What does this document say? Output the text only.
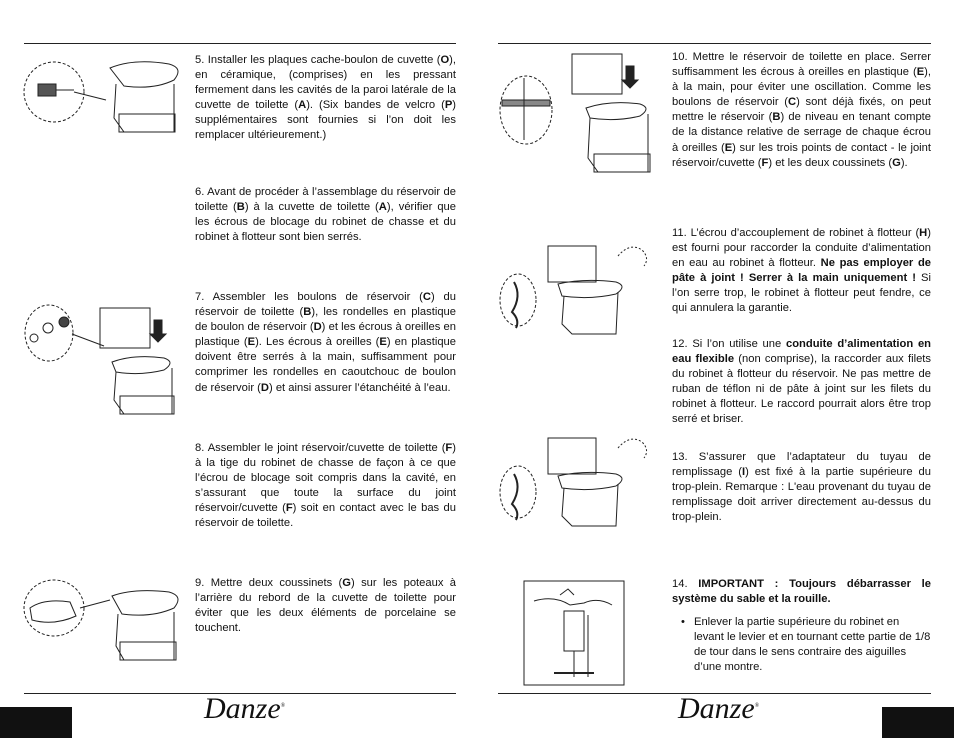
Danze®	Danze®
5. Installer les plaques cache-boulon de cuvette (O), en céramique, (comprises) en les pressant fermement dans les cavités de la paroi latérale de la cuvette de toilette (A). (Six bandes de velcro (P) supplémentaires sont fournies si l’on doit les remplacer ultérieurement.)
6. Avant de procéder à l’assemblage du réservoir de toilette (B) à la cuvette de toilette (A), vérifier que les écrous de blocage du robinet de chasse et du robinet à flotteur sont bien serrés.
7. Assembler les boulons de réservoir (C) du réservoir de toilette (B), les rondelles en plastique de boulon de réservoir (D) et les écrous à oreilles en plastique (E). Les écrous à oreilles (E) en plastique doivent être serrés à la main, suffisamment pour comprimer les rondelles en caoutchouc de boulon de réservoir (D) et ainsi assurer l’étanchéité à l’eau.
8. Assembler le joint réservoir/cuvette de toilette (F) à la tige du robinet de chasse de façon à ce que l’écrou de blocage soit compris dans la cavité, en s’assurant que toute la surface du joint réservoir/cuvette (F) soit en contact avec le bas du réservoir de toilette.
9. Mettre deux coussinets (G) sur les poteaux à l’arrière du rebord de la cuvette de toilette pour éviter que les deux éléments de porcelaine se touchent.
10. Mettre le réservoir de toilette en place. Serrer suffisamment les écrous à oreilles en plastique (E), à la main, pour éviter une oscillation. Comme les boulons de réservoir (C) sont déjà fixés, on peut mettre le réservoir (B) de niveau en tenant compte de la distance relative de serrage de chaque écrou à oreilles (E) sur les trois points de contact - le joint réservoir/cuvette (F) et les deux coussinets (G).
11. L’écrou d’accouplement de robinet à flotteur (H) est fourni pour raccorder la conduite d’alimentation en eau au robinet à flotteur. Ne pas employer de pâte à joint ! Serrer à la main uniquement ! Si l’on serre trop, le robinet à flotteur peut fendre, ce qui annulera la garantie.
12. Si l’on utilise une conduite d’alimentation en eau flexible (non comprise), la raccorder aux filets du robinet à flotteur du réservoir. Ne pas mettre de ruban de téflon ni de pâte à joint sur les filets du robinet à flotteur. Le raccord pourrait alors être trop serré et briser.
13. S’assurer que l’adaptateur du tuyau de remplissage (I) est fixé à la partie supérieure du trop-plein. Remarque : L'eau provenant du tuyau de remplissage doit arriver directement au-dessus du trop-plein.
14. IMPORTANT : Toujours débarrasser le système du sable et la rouille.
• Enlever la partie supérieure du robinet en levant le levier et en tournant cette partie de 1/8 de tour dans le sens contraire des aiguilles d’une montre.
